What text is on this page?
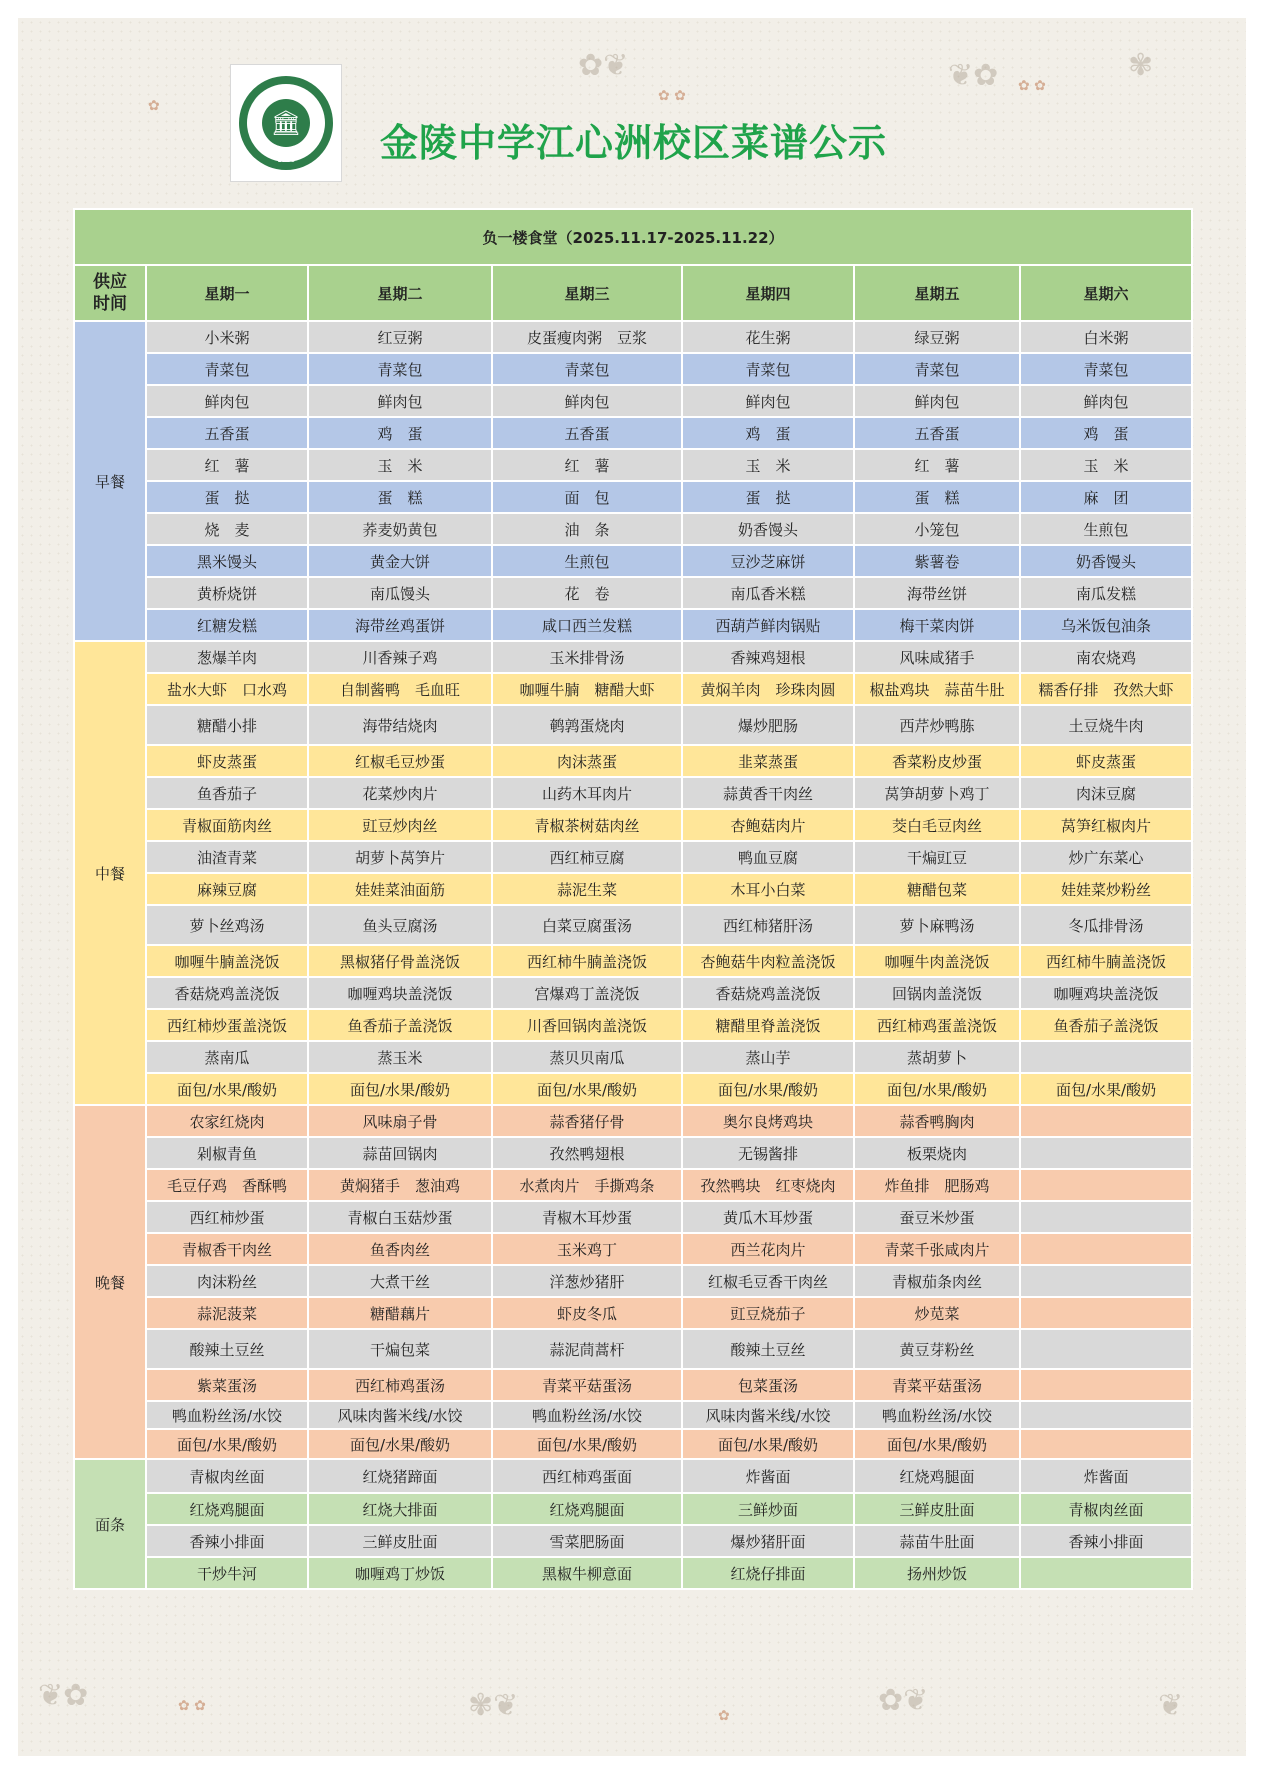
✿❦	❦✿	✾
❦✿	✾❦	✿❦	❦
✿ ✿
✿ ✿
✿
✿ ✿
✿
🏛
1888	金陵中学江心洲校区菜谱公示
负一楼食堂（2025.11.17-2025.11.22）						
供应时间	星期一	星期二	星期三	星期四	星期五	星期六
早餐	小米粥	红豆粥	皮蛋瘦肉粥　豆浆	花生粥	绿豆粥	白米粥
	青菜包	青菜包	青菜包	青菜包	青菜包	青菜包
	鲜肉包	鲜肉包	鲜肉包	鲜肉包	鲜肉包	鲜肉包
	五香蛋	鸡　蛋	五香蛋	鸡　蛋	五香蛋	鸡　蛋
	红　薯	玉　米	红　薯	玉　米	红　薯	玉　米
	蛋　挞	蛋　糕	面　包	蛋　挞	蛋　糕	麻　团
	烧　麦	荞麦奶黄包	油　条	奶香馒头	小笼包	生煎包
	黑米馒头	黄金大饼	生煎包	豆沙芝麻饼	紫薯卷	奶香馒头
	黄桥烧饼	南瓜馒头	花　卷	南瓜香米糕	海带丝饼	南瓜发糕
	红糖发糕	海带丝鸡蛋饼	咸口西兰发糕	西葫芦鲜肉锅贴	梅干菜肉饼	乌米饭包油条
中餐	葱爆羊肉	川香辣子鸡	玉米排骨汤	香辣鸡翅根	风味咸猪手	南农烧鸡
	盐水大虾　口水鸡	自制酱鸭　毛血旺	咖喱牛腩　糖醋大虾	黄焖羊肉　珍珠肉圆	椒盐鸡块　蒜苗牛肚	糯香仔排　孜然大虾
	糖醋小排	海带结烧肉	鹌鹑蛋烧肉	爆炒肥肠	西芹炒鸭胨	土豆烧牛肉
	虾皮蒸蛋	红椒毛豆炒蛋	肉沫蒸蛋	韭菜蒸蛋	香菜粉皮炒蛋	虾皮蒸蛋
	鱼香茄子	花菜炒肉片	山药木耳肉片	蒜黄香干肉丝	莴笋胡萝卜鸡丁	肉沫豆腐
	青椒面筋肉丝	豇豆炒肉丝	青椒茶树菇肉丝	杏鲍菇肉片	茭白毛豆肉丝	莴笋红椒肉片
	油渣青菜	胡萝卜莴笋片	西红柿豆腐	鸭血豆腐	干煸豇豆	炒广东菜心
	麻辣豆腐	娃娃菜油面筋	蒜泥生菜	木耳小白菜	糖醋包菜	娃娃菜炒粉丝
	萝卜丝鸡汤	鱼头豆腐汤	白菜豆腐蛋汤	西红柿猪肝汤	萝卜麻鸭汤	冬瓜排骨汤
	咖喱牛腩盖浇饭	黑椒猪仔骨盖浇饭	西红柿牛腩盖浇饭	杏鲍菇牛肉粒盖浇饭	咖喱牛肉盖浇饭	西红柿牛腩盖浇饭
	香菇烧鸡盖浇饭	咖喱鸡块盖浇饭	宫爆鸡丁盖浇饭	香菇烧鸡盖浇饭	回锅肉盖浇饭	咖喱鸡块盖浇饭
	西红柿炒蛋盖浇饭	鱼香茄子盖浇饭	川香回锅肉盖浇饭	糖醋里脊盖浇饭	西红柿鸡蛋盖浇饭	鱼香茄子盖浇饭
	蒸南瓜	蒸玉米	蒸贝贝南瓜	蒸山芋	蒸胡萝卜	
	面包/水果/酸奶	面包/水果/酸奶	面包/水果/酸奶	面包/水果/酸奶	面包/水果/酸奶	面包/水果/酸奶
晚餐	农家红烧肉	风味扇子骨	蒜香猪仔骨	奥尔良烤鸡块	蒜香鸭胸肉	
	剁椒青鱼	蒜苗回锅肉	孜然鸭翅根	无锡酱排	板栗烧肉	
	毛豆仔鸡　香酥鸭	黄焖猪手　葱油鸡	水煮肉片　手撕鸡条	孜然鸭块　红枣烧肉	炸鱼排　肥肠鸡	
	西红柿炒蛋	青椒白玉菇炒蛋	青椒木耳炒蛋	黄瓜木耳炒蛋	蚕豆米炒蛋	
	青椒香干肉丝	鱼香肉丝	玉米鸡丁	西兰花肉片	青菜千张咸肉片	
	肉沫粉丝	大煮干丝	洋葱炒猪肝	红椒毛豆香干肉丝	青椒茄条肉丝	
	蒜泥菠菜	糖醋藕片	虾皮冬瓜	豇豆烧茄子	炒苋菜	
	酸辣土豆丝	干煸包菜	蒜泥茼蒿杆	酸辣土豆丝	黄豆芽粉丝	
	紫菜蛋汤	西红柿鸡蛋汤	青菜平菇蛋汤	包菜蛋汤	青菜平菇蛋汤	
	鸭血粉丝汤/水饺	风味肉酱米线/水饺	鸭血粉丝汤/水饺	风味肉酱米线/水饺	鸭血粉丝汤/水饺	
	面包/水果/酸奶	面包/水果/酸奶	面包/水果/酸奶	面包/水果/酸奶	面包/水果/酸奶	
面条	青椒肉丝面	红烧猪蹄面	西红柿鸡蛋面	炸酱面	红烧鸡腿面	炸酱面
	红烧鸡腿面	红烧大排面	红烧鸡腿面	三鲜炒面	三鲜皮肚面	青椒肉丝面
	香辣小排面	三鲜皮肚面	雪菜肥肠面	爆炒猪肝面	蒜苗牛肚面	香辣小排面
	干炒牛河	咖喱鸡丁炒饭	黑椒牛柳意面	红烧仔排面	扬州炒饭	
